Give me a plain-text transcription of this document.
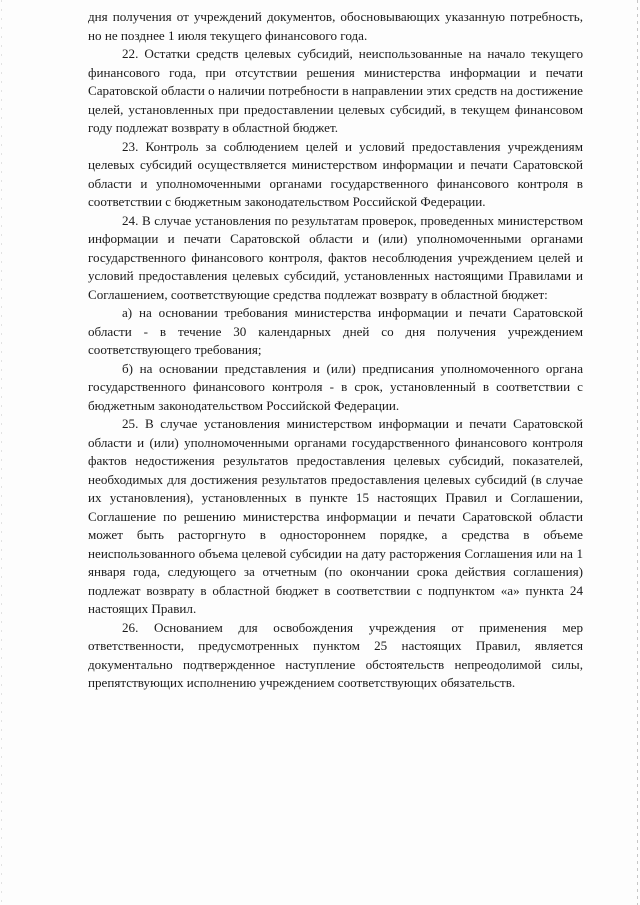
дня получения от учреждений документов, обосновывающих указанную потребность, но не позднее 1 июля текущего финансового года.

22. Остатки средств целевых субсидий, неиспользованные на начало текущего финансового года, при отсутствии решения министерства информации и печати Саратовской области о наличии потребности в направлении этих средств на достижение целей, установленных при предоставлении целевых субсидий, в текущем финансовом году подлежат возврату в областной бюджет.

23. Контроль за соблюдением целей и условий предоставления учреждениям целевых субсидий осуществляется министерством информации и печати Саратовской области и уполномоченными органами государственного финансового контроля в соответствии с бюджетным законодательством Российской Федерации.

24. В случае установления по результатам проверок, проведенных министерством информации и печати Саратовской области и (или) уполномоченными органами государственного финансового контроля, фактов несоблюдения учреждением целей и условий предоставления целевых субсидий, установленных настоящими Правилами и Соглашением, соответствующие средства подлежат возврату в областной бюджет:

а) на основании требования министерства информации и печати Саратовской области - в течение 30 календарных дней со дня получения учреждением соответствующего требования;

б) на основании представления и (или) предписания уполномоченного органа государственного финансового контроля - в срок, установленный в соответствии с бюджетным законодательством Российской Федерации.

25. В случае установления министерством информации и печати Саратовской области и (или) уполномоченными органами государственного финансового контроля фактов недостижения результатов предоставления целевых субсидий, показателей, необходимых для достижения результатов предоставления целевых субсидий (в случае их установления), установленных в пункте 15 настоящих Правил и Соглашении, Соглашение по решению министерства информации и печати Саратовской области может быть расторгнуто в одностороннем порядке, а средства в объеме неиспользованного объема целевой субсидии на дату расторжения Соглашения или на 1 января года, следующего за отчетным (по окончании срока действия соглашения) подлежат возврату в областной бюджет в соответствии с подпунктом «а» пункта 24 настоящих Правил.

26. Основанием для освобождения учреждения от применения мер ответственности, предусмотренных пунктом 25 настоящих Правил, является документально подтвержденное наступление обстоятельств непреодолимой силы, препятствующих исполнению учреждением соответствующих обязательств.
